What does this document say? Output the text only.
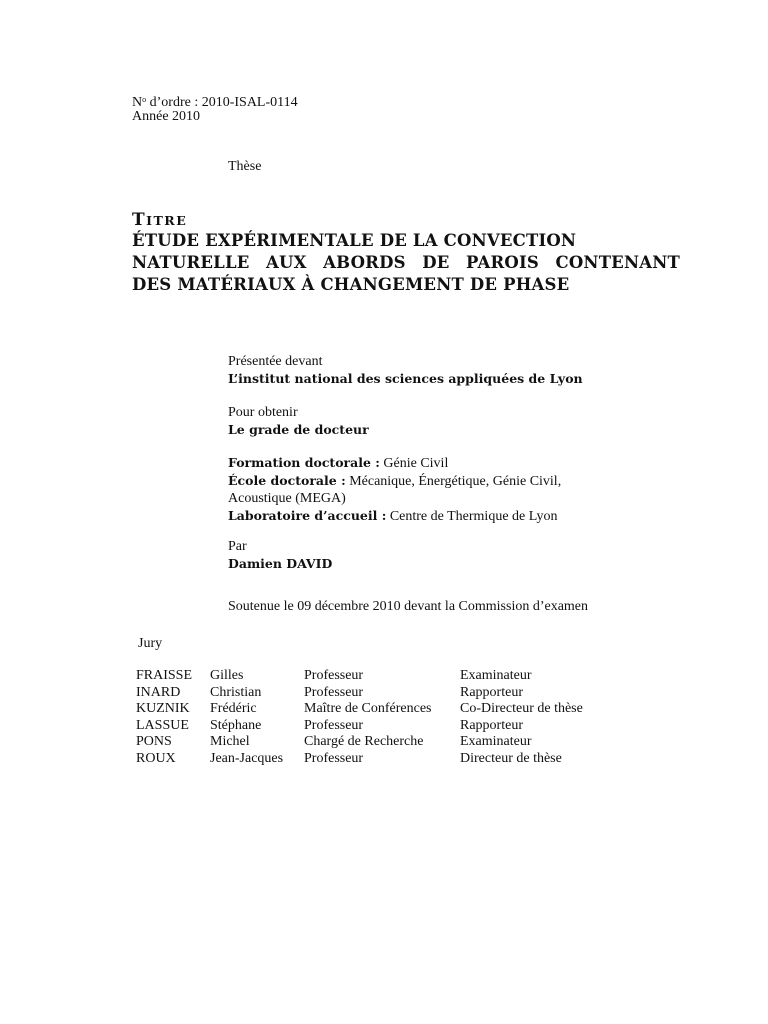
$N^o$ d’ordre : 2010-ISAL-0114
Année 2010
Thèse
TITRE
ÉTUDE EXPÉRIMENTALE DE LA CONVECTION
NATURELLE AUX ABORDS DE PAROIS CONTENANT
DES MATÉRIAUX À CHANGEMENT DE PHASE
Présentée devant
L’institut national des sciences appliquées de Lyon
Pour obtenir
Le grade de docteur
Formation doctorale : Génie Civil
École doctorale : Mécanique, Énergétique, Génie Civil,
Acoustique (MEGA)
Laboratoire d’accueil : Centre de Thermique de Lyon
Par
Damien DAVID
Soutenue le 09 décembre 2010 devant la Commission d’examen
Jury
FRAISSE	Gilles	Professeur	Examinateur
INARD	Christian	Professeur	Rapporteur
KUZNIK	Frédéric	Maître de Conférences	Co-Directeur de thèse
LASSUE	Stéphane	Professeur	Rapporteur
PONS	Michel	Chargé de Recherche	Examinateur
ROUX	Jean-Jacques	Professeur	Directeur de thèse
